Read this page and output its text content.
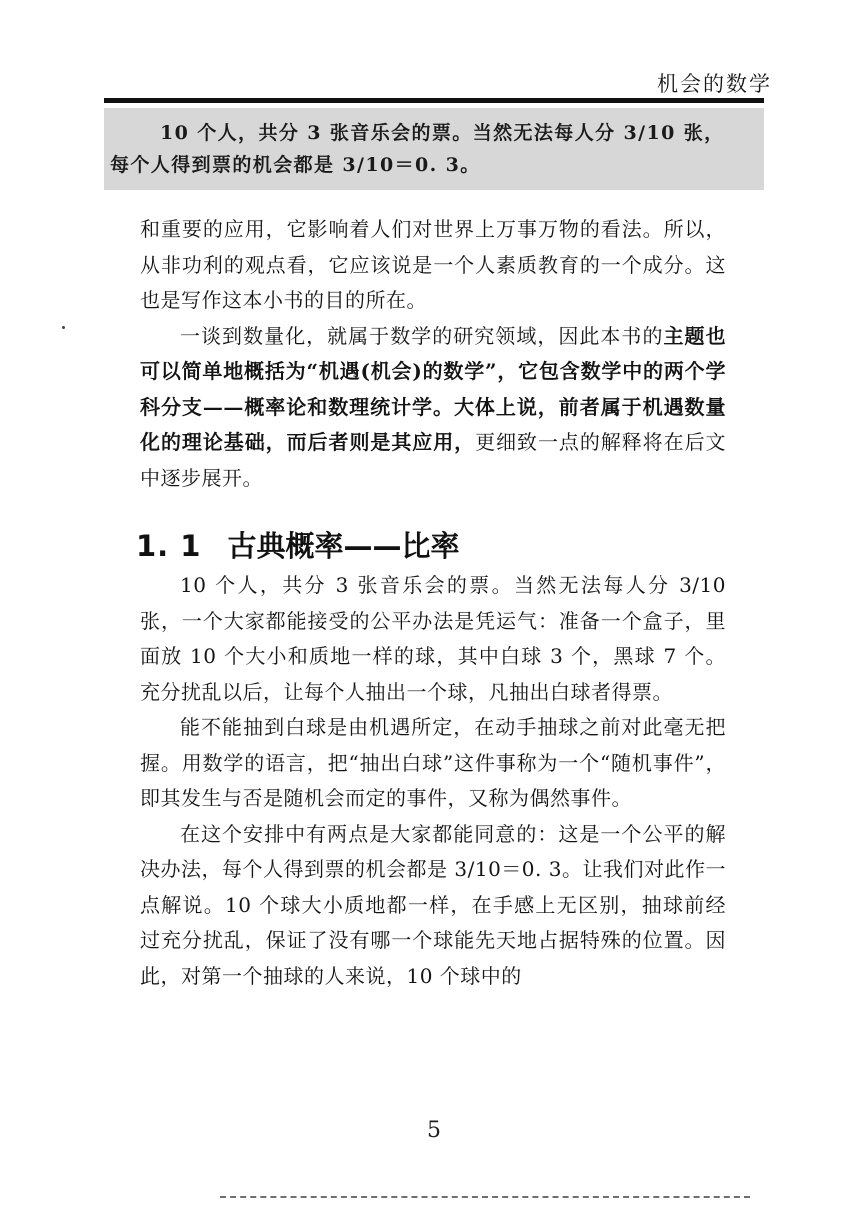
机会的数学
10 个人，共分 3 张音乐会的票。当然无法每人分 3/10 张，
每个人得到票的机会都是 3/10＝0. 3。

和重要的应用，它影响着人们对世界上万事万物的看法。所以，从非功利的观点看，它应该说是一个人素质教育的一个成分。这也是写作这本小书的目的所在。

一谈到数量化，就属于数学的研究领域，因此本书的主题也可以简单地概括为“机遇(机会)的数学”，它包含数学中的两个学科分支——概率论和数理统计学。大体上说，前者属于机遇数量化的理论基础，而后者则是其应用，更细致一点的解释将在后文中逐步展开。

1. 1 古典概率——比率

10 个人，共分 3 张音乐会的票。当然无法每人分 3/10 张，一个大家都能接受的公平办法是凭运气：准备一个盒子，里面放 10 个大小和质地一样的球，其中白球 3 个，黑球 7 个。充分扰乱以后，让每个人抽出一个球，凡抽出白球者得票。

能不能抽到白球是由机遇所定，在动手抽球之前对此毫无把握。用数学的语言，把“抽出白球”这件事称为一个“随机事件”，即其发生与否是随机会而定的事件，又称为偶然事件。

在这个安排中有两点是大家都能同意的：这是一个公平的解决办法，每个人得到票的机会都是 3/10＝0. 3。让我们对此作一点解说。10 个球大小质地都一样，在手感上无区别，抽球前经过充分扰乱，保证了没有哪一个球能先天地占据特殊的位置。因此，对第一个抽球的人来说，10 个球中的

5
